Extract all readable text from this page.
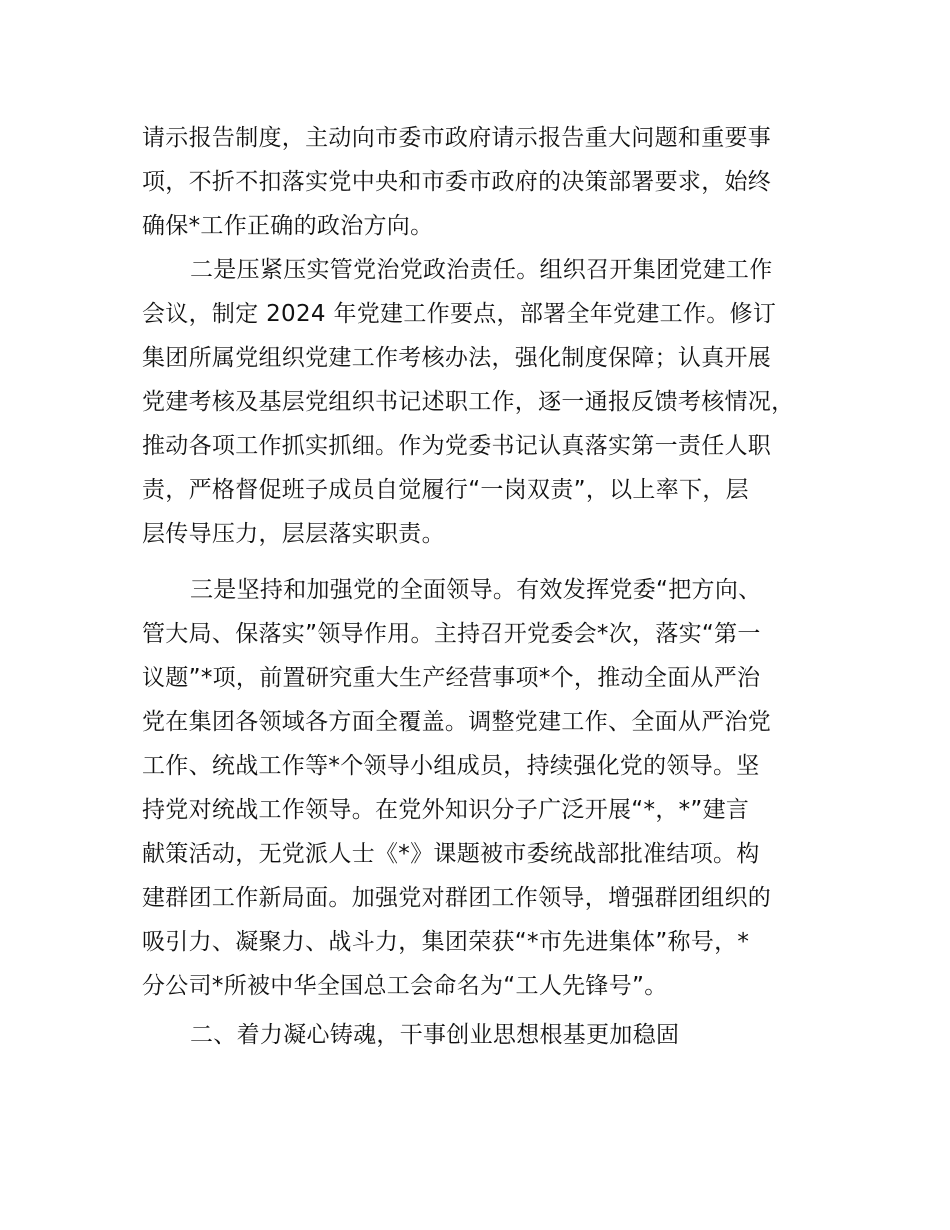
请示报告制度，主动向市委市政府请示报告重大问题和重要事

项，不折不扣落实党中央和市委市政府的决策部署要求，始终

确保*工作正确的政治方向。

二是压紧压实管党治党政治责任。组织召开集团党建工作

会议，制定 2024 年党建工作要点，部署全年党建工作。修订

集团所属党组织党建工作考核办法，强化制度保障；认真开展

党建考核及基层党组织书记述职工作，逐一通报反馈考核情况，

推动各项工作抓实抓细。作为党委书记认真落实第一责任人职

责，严格督促班子成员自觉履行“一岗双责”，以上率下，层

层传导压力，层层落实职责。

三是坚持和加强党的全面领导。有效发挥党委“把方向、

管大局、保落实”领导作用。主持召开党委会*次，落实“第一

议题”*项，前置研究重大生产经营事项*个，推动全面从严治

党在集团各领域各方面全覆盖。调整党建工作、全面从严治党

工作、统战工作等*个领导小组成员，持续强化党的领导。坚

持党对统战工作领导。在党外知识分子广泛开展“*，*”建言

献策活动，无党派人士《*》课题被市委统战部批准结项。构

建群团工作新局面。加强党对群团工作领导，增强群团组织的

吸引力、凝聚力、战斗力，集团荣获“*市先进集体”称号，*

分公司*所被中华全国总工会命名为“工人先锋号”。

二、着力凝心铸魂，干事创业思想根基更加稳固
